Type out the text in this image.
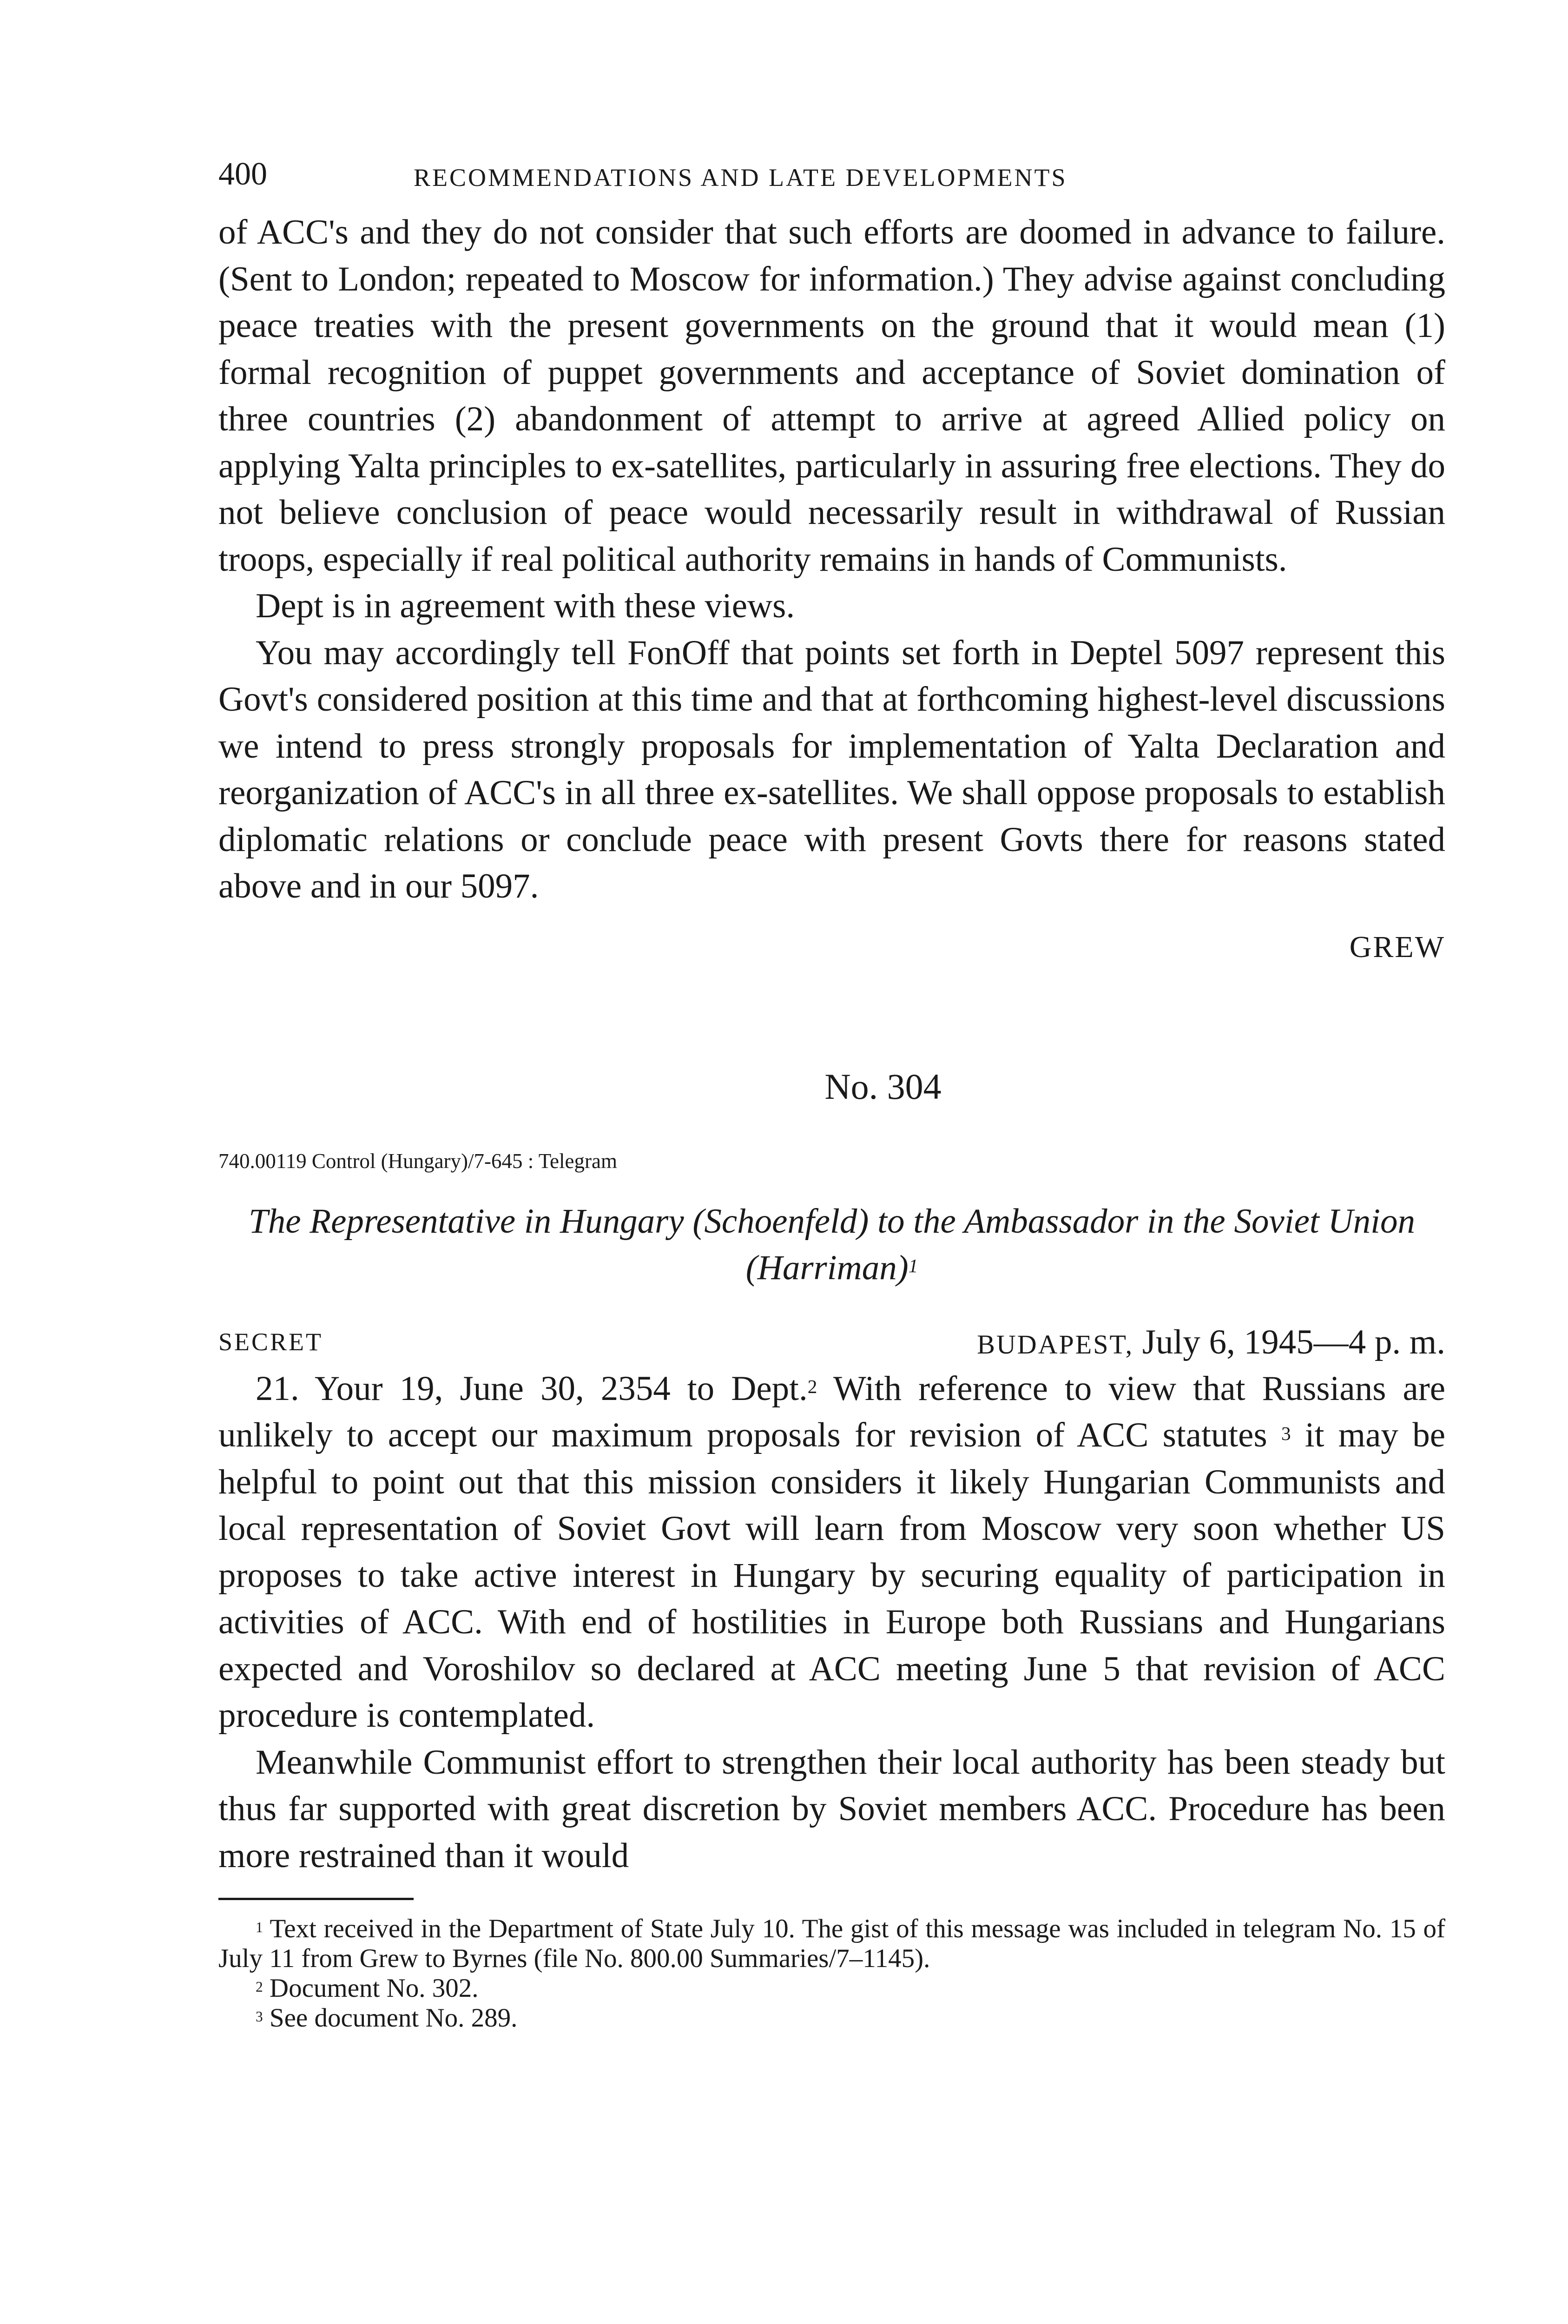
400	RECOMMENDATIONS AND LATE DEVELOPMENTS

of ACC's and they do not consider that such efforts are doomed in advance to failure. (Sent to London; repeated to Moscow for information.) They advise against concluding peace treaties with the present governments on the ground that it would mean (1) formal recognition of puppet governments and acceptance of Soviet domination of three countries (2) abandonment of attempt to arrive at agreed Allied policy on applying Yalta principles to ex-satellites, particularly in assuring free elections. They do not believe conclusion of peace would necessarily result in withdrawal of Russian troops, especially if real political authority remains in hands of Communists.

Dept is in agreement with these views.

You may accordingly tell FonOff that points set forth in Deptel 5097 represent this Govt's considered position at this time and that at forthcoming highest-level discussions we intend to press strongly proposals for implementation of Yalta Declaration and reorganization of ACC's in all three ex-satellites. We shall oppose proposals to establish diplomatic relations or conclude peace with present Govts there for reasons stated above and in our 5097.

GREW
No. 304
740.00119 Control (Hungary)/7-645 : Telegram
The Representative in Hungary (Schoenfeld) to the Ambassador in the Soviet Union (Harriman)$^1$
SECRET	BUDAPEST, July 6, 1945—4 p. m.

21. Your 19, June 30, 2354 to Dept.$^2$ With reference to view that Russians are unlikely to accept our maximum proposals for revision of ACC statutes $^3$ it may be helpful to point out that this mission considers it likely Hungarian Communists and local representation of Soviet Govt will learn from Moscow very soon whether US proposes to take active interest in Hungary by securing equality of participation in activities of ACC. With end of hostilities in Europe both Russians and Hungarians expected and Voroshilov so declared at ACC meeting June 5 that revision of ACC procedure is contemplated.

Meanwhile Communist effort to strengthen their local authority has been steady but thus far supported with great discretion by Soviet members ACC. Procedure has been more restrained than it would

$^1$ Text received in the Department of State July 10. The gist of this message was included in telegram No. 15 of July 11 from Grew to Byrnes (file No. 800.00 Summaries/7–1145).

$^2$ Document No. 302.

$^3$ See document No. 289.
